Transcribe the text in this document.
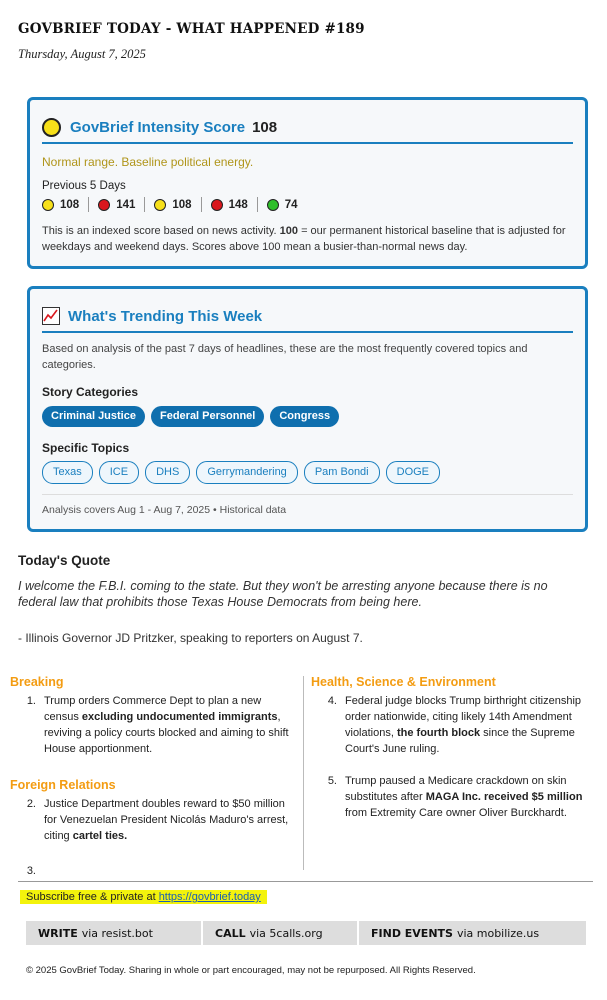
GOVBRIEF TODAY - WHAT HAPPENED #189
Thursday, August 7, 2025
GovBrief Intensity Score 108
Normal range. Baseline political energy.
Previous 5 Days
108	141	108	148	74
This is an indexed score based on news activity. 100 = our permanent historical baseline that is adjusted for weekdays and weekend days. Scores above 100 mean a busier-than-normal news day.
What's Trending This Week
Based on analysis of the past 7 days of headlines, these are the most frequently covered topics and categories.
Story Categories
Criminal Justice	Federal Personnel	Congress
Specific Topics
Texas	ICE	DHS	Gerrymandering	Pam Bondi	DOGE
Analysis covers Aug 1 - Aug 7, 2025 • Historical data
Today's Quote
I welcome the F.B.I. coming to the state. But they won't be arresting anyone because there is no federal law that prohibits those Texas House Democrats from being here.
- Illinois Governor JD Pritzker, speaking to reporters on August 7.
Breaking
1. Trump orders Commerce Dept to plan a new census excluding undocumented immigrants, reviving a policy courts blocked and aiming to shift House apportionment.
Foreign Relations
2. Justice Department doubles reward to $50 million for Venezuelan President Nicolás Maduro's arrest, citing cartel ties.
3.
Health, Science & Environment
4. Federal judge blocks Trump birthright citizenship order nationwide, citing likely 14th Amendment violations, the fourth block since the Supreme Court's June ruling.
5. Trump paused a Medicare crackdown on skin substitutes after MAGA Inc. received $5 million from Extremity Care owner Oliver Burckhardt.
Subscribe free & private at https://govbrief.today
WRITE via resist.bot	CALL via 5calls.org	FIND EVENTS via mobilize.us
© 2025 GovBrief Today. Sharing in whole or part encouraged, may not be repurposed. All Rights Reserved.
